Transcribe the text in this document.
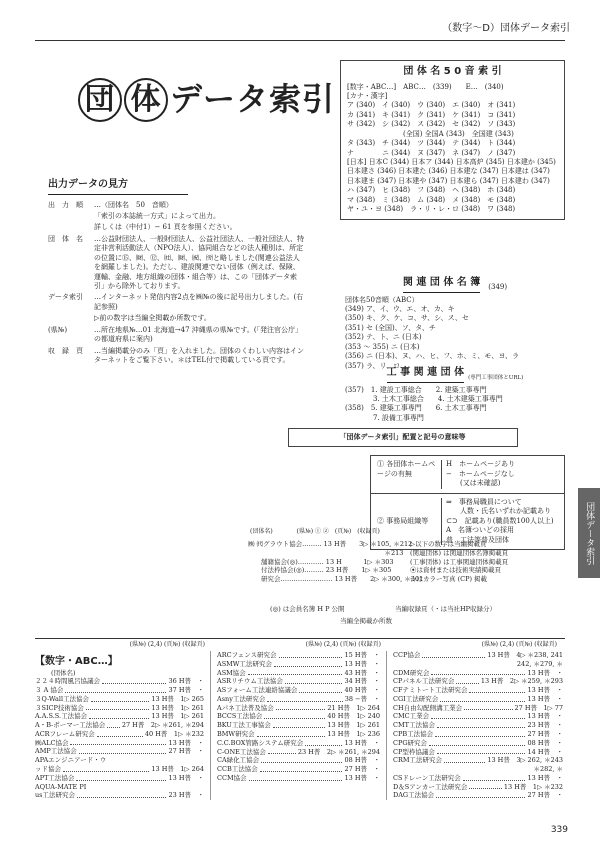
（数字〜D）団体データ索引
団 体 データ索引
出力データの見方
出　力　順	…（団体名　50　音順）
「索引の本誌統一方式」によって出力。
詳しくは（中付1）− 61 頁を参照ください。
団　体　名	…公益財団法人、一般財団法人、公益社団法人、一般社団法人、特定非営利活動法人（NPO法人）、協同組合などの法人種別は、所定の位置に⑮、㈶、⑫、㈳、㈶、㈷、㈸と略しました(関連公益法人を網羅しました)。ただし、建設関連でない団体（例えば、保険、運輸、金融、地方組織の団体・組合等）は、この「団体データ索引」から除外しております。
データ索引	…インターネット発信内容2点を㈱№の後に記号出力しました。(右記参照)
▷前の数字は当編全掲載か所数です。
(県№)	…所在地県№…01 北海道→47 沖縄県の県№です。(「発注官公庁」の都道府県に案内)
収　録　頁	…当編掲載分のみ「頁」を入れました。団体のくわしい内容はインターネットをご覧下さい。＊はTEL付で掲載している頁です。
団 体 名 5 0 音 索 引
[数字・ABC…]　ABC…　(339)　　E…　(340)
[カナ・漢字]
ア (340)　イ (340)　ウ (340)　エ (340)　オ (341)
カ (341)　キ (341)　ク (341)　ケ (341)　コ (341)
サ (342)　シ (342)　ス (342)　セ (342)　ソ (343)
　　　　　　　　(全国) 全国A (343)　全国建 (343)
タ (343)　チ (344)　ツ (344)　テ (344)　ト (344)
ナ　　　　ニ (344)　ヌ (347)　ネ (347)　ノ (347)
[日本] 日本C (344) 日本ア (344) 日本高炉 (345) 日本建か (345)
日本建さ (346) 日本建た (346) 日本建な (347) 日本建は (347)
日本建ま (347) 日本建や (347) 日本建ら (347) 日本建わ (347)
ハ (347)　ヒ (348)　フ (348)　ヘ (348)　ホ (348)
マ (348)　ミ (348)　ム (348)　メ (348)　モ (348)
ヤ・ユ・ヨ (348)　ラ・リ・レ・ロ (348)　ワ (348)
関 連 団 体 名 簿 (349)
団体名50音順（ABC）
(349) ア、イ、ウ、エ、オ、カ、キ
(350) キ、ク、ケ、コ、サ、シ、ス、セ
(351) セ (全国)、ソ、タ、チ
(352) テ、ト、ニ (日本)
(353 〜 355) ニ (日本)
(356) ニ (日本)、ヌ、ハ、ヒ、フ、ホ、ミ、モ、ヨ、ラ
(357) ラ、リ、ロ
工 事 関 連 団 体
(専門工事団体とURL)
(357)　1. 建設工事総合　　2. 建築工事専門
　　　　3. 土木工事総合　　4. 土木建築工事専門
(358)　5. 建築工事専門　　6. 土木工事専門
　　　　7. 設備工事専門
「団体データ索引」配置と記号の意味等
① 各団体ホームページの有無
H　ホームページあり
−　ホームページなし
　　(又は未確認)
② 事務局組織等
⇒　事務局職員について
　　人数・氏名いずれか記載あり
⊂⊃　記載あり(職員数100人以上)
A　名簿ついどの採用
普　工法等普及団体
(団体名)　　　　(県№) ① ②　(頁№)　(収録頁)
㈱ ㈹グラウト協会……… 13 H普　　3▷ ＊105, ＊212
　　　　　　　　　　　　　　　　　　　　　＊213
　　舗籍協会(◎)………… 13 H 　　　1▷ ＊303
　　付法枠協会(◎)……… 23 H普　　1▷ ＊305
　　研究会…………………… 13 H普　　2▷ ＊300, ＊301
▷以下の数字は当編掲載頁
(関連団体) は関連団体名簿掲載頁
(工事団体) は工事関連団体掲載頁
⦿は資材または技術実績掲載頁
☆はカラー写真 (CP) 掲載
(◎) は会員名簿 H P 公開	当編収録頁（・は当社HP収録分）
当編全掲載か所数
団体データ索引
(県№) (2,4) (頁№) (収録頁)	(県№) (2,4) (頁№) (収録頁)	(県№) (2,4) (頁№) (収録頁)
【数字・ABC…】
(団体名)
２２４時間風呂協議会	36 H普　・
３ A 協会	37 H普　・
３Q-Wall工法協会	13 H普　1▷ 265
３SICP技術協会	13 H普　1▷ 261
A.A.S.S.工法協会	13 H普　1▷ 261
A・B-ポーマー工法協会	27 H普　2▷ ＊261, ＊294
ACRフレーム研究会	40 H普　1▷ ＊232
㈱ALC協会	13 H普　・
AMP工法協会	27 H普　・
APAエンジニアード・ウ
ッド協会	13 H普　1▷ 264
APT工法協会	13 H普　・
AQUA-MATE PI
us工法研究会	23 H普　・
ARCフェンス研究会	15 H普　・
ASMW工法研究会	13 H普　・
ASM協会	43 H普　・
ASRリチウム工法協会	34 H普　・
ASフォーム工法連絡協議会	40 H普　・
Asny工法研究会	38 −普　・
Aパネ工法普及協会	21 H普　1▷ 264
BCCS工法協会	40 H普　1▷ 240
BKU工法工事協会	13 H普　1▷ 261
BMW研究会	13 H普　1▷ 236
C.C.BOX管路システム研究会	13 H普　・
C-ONE工法協会	23 H普　2▷ ＊261, ＊294
CA緑化工協会	08 H普　・
CCB工法協会	27 H普　・
CCM協会	13 H普　・
CCP協会	13 H普　4▷ ＊238, 241
242, ＊279, ＊
CDM研究会	13 H普　・
CPパネル工法研究会	13 H普　2▷ ＊259, ＊293
CFテミトート工法研究会	13 H普　・
CGI工法研究会	13 H普　・
CH自由勾配側溝工業会	27 H普　1▷ 77
CMC工業会	13 H普　・
CMT工法協会	23 H普　・
CPB工法協会	27 H普　・
CPG研究会	08 H普　・
CP型枠協議会	14 H普　・
CRM工法研究会	13 H普　3▷ 262, ＊243
＊282, ＊
CSドレーン工法研究会	13 H普　・
D＆Sアンカー工法研究会	13 H普　1▷ ＊232
DAG工法協会	27 H普　・
339
